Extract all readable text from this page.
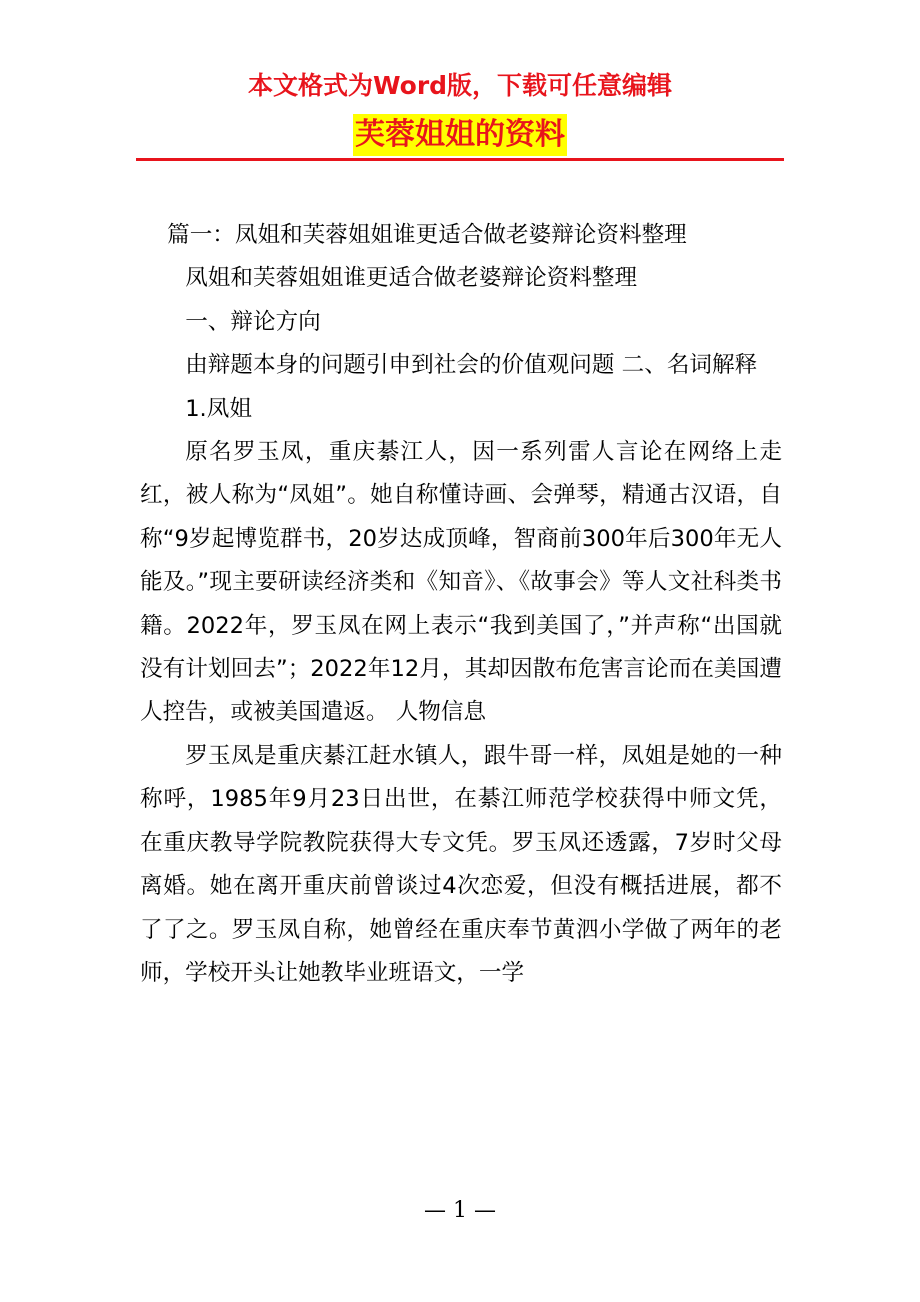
本文格式为Word版，下载可任意编辑
芙蓉姐姐的资料

篇一：凤姐和芙蓉姐姐谁更适合做老婆辩论资料整理

凤姐和芙蓉姐姐谁更适合做老婆辩论资料整理

一、辩论方向

由辩题本身的问题引申到社会的价值观问题 二、名词解释

1.凤姐

原名罗玉凤，重庆綦江人，因一系列雷人言论在网络上走红，被人称为“凤姐”。她自称懂诗画、会弹琴，精通古汉语，自称“9岁起博览群书，20岁达成顶峰，智商前300年后300年无人能及。”现主要研读经济类和《知音》、《故事会》等人文社科类书籍。2022年，罗玉凤在网上表示“我到美国了，”并声称“出国就没有计划回去”；2022年12月，其却因散布危害言论而在美国遭人控告，或被美国遣返。 人物信息

罗玉凤是重庆綦江赶水镇人，跟牛哥一样，凤姐是她的一种称呼，1985年9月23日出世，在綦江师范学校获得中师文凭，在重庆教导学院教院获得大专文凭。罗玉凤还透露，7岁时父母离婚。她在离开重庆前曾谈过4次恋爱，但没有概括进展，都不了了之。罗玉凤自称，她曾经在重庆奉节黄泗小学做了两年的老师，学校开头让她教毕业班语文，一学

— 1 —
